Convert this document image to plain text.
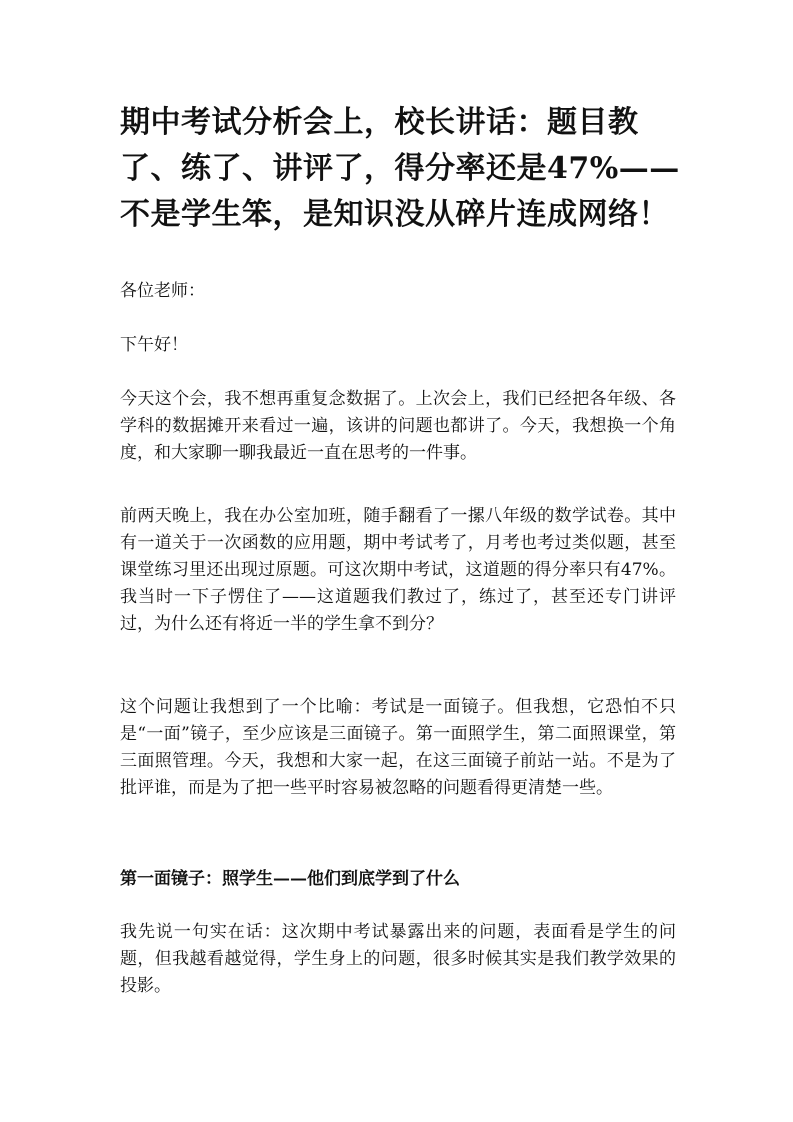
期中考试分析会上，校长讲话：题目教了、练了、讲评了，得分率还是47%——不是学生笨，是知识没从碎片连成网络！

各位老师：

下午好！

今天这个会，我不想再重复念数据了。上次会上，我们已经把各年级、各学科的数据摊开来看过一遍，该讲的问题也都讲了。今天，我想换一个角度，和大家聊一聊我最近一直在思考的一件事。

前两天晚上，我在办公室加班，随手翻看了一摞八年级的数学试卷。其中有一道关于一次函数的应用题，期中考试考了，月考也考过类似题，甚至课堂练习里还出现过原题。可这次期中考试，这道题的得分率只有47%。我当时一下子愣住了——这道题我们教过了，练过了，甚至还专门讲评过，为什么还有将近一半的学生拿不到分？

这个问题让我想到了一个比喻：考试是一面镜子。但我想，它恐怕不只是“一面”镜子，至少应该是三面镜子。第一面照学生，第二面照课堂，第三面照管理。今天，我想和大家一起，在这三面镜子前站一站。不是为了批评谁，而是为了把一些平时容易被忽略的问题看得更清楚一些。

第一面镜子：照学生——他们到底学到了什么

我先说一句实在话：这次期中考试暴露出来的问题，表面看是学生的问题，但我越看越觉得，学生身上的问题，很多时候其实是我们教学效果的投影。
